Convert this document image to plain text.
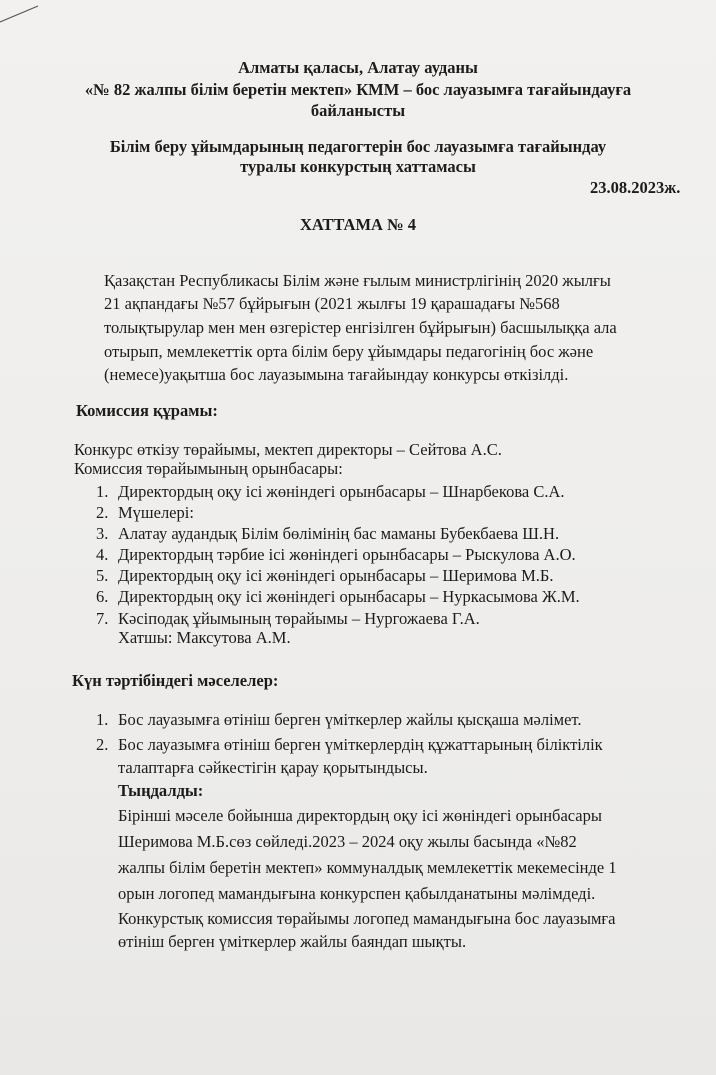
Алматы қаласы, Алатау ауданы
«№ 82 жалпы білім беретін мектеп» КММ – бос лауазымға тағайындауға
байланысты
Білім беру ұйымдарының педагогтерін бос лауазымға тағайындау
туралы конкурстың хаттамасы
23.08.2023ж.
ХАТТАМА № 4
Қазақстан Республикасы Білім және ғылым министрлігінің 2020 жылғы
21 ақпандағы №57 бұйрығын (2021 жылғы 19 қарашадағы №568
толықтырулар мен мен өзгерістер енгізілген бұйрығын) басшылыққа ала
отырып, мемлекеттік орта білім беру ұйымдары педагогінің бос және
(немесе)уақытша бос лауазымына тағайындау конкурсы өткізілді.
Комиссия құрамы:
Конкурс өткізу төрайымы, мектеп директоры – Сейтова А.С.
Комиссия төрайымының орынбасары:
1. Директордың оқу ісі жөніндегі орынбасары – Шнарбекова С.А.
2. Мүшелері:
3. Алатау аудандық Білім бөлімінің бас маманы Бубекбаева Ш.Н.
4. Директордың тәрбие ісі жөніндегі орынбасары – Рыскулова А.О.
5. Директордың оқу ісі жөніндегі орынбасары – Шеримова М.Б.
6. Директордың оқу ісі жөніндегі орынбасары – Нуркасымова Ж.М.
7. Кәсіподақ ұйымының төрайымы – Нургожаева Г.А.
Хатшы: Максутова А.М.
Күн тәртібіндегі мәселелер:
1. Бос лауазымға өтініш берген үміткерлер жайлы қысқаша мәлімет.
2. Бос лауазымға өтініш берген үміткерлердің құжаттарының біліктілік
талаптарға сәйкестігін қарау қорытындысы.
Тыңдалды:
Бірінші мәселе бойынша директордың оқу ісі жөніндегі орынбасары
Шеримова М.Б.сөз сөйледі.2023 – 2024 оқу жылы басында «№82
жалпы білім беретін мектеп» коммуналдық мемлекеттік мекемесінде 1
орын логопед мамандығына конкурспен қабылданатыны мәлімдеді.
Конкурстық комиссия төрайымы логопед мамандығына бос лауазымға
өтініш берген үміткерлер жайлы баяндап шықты.
